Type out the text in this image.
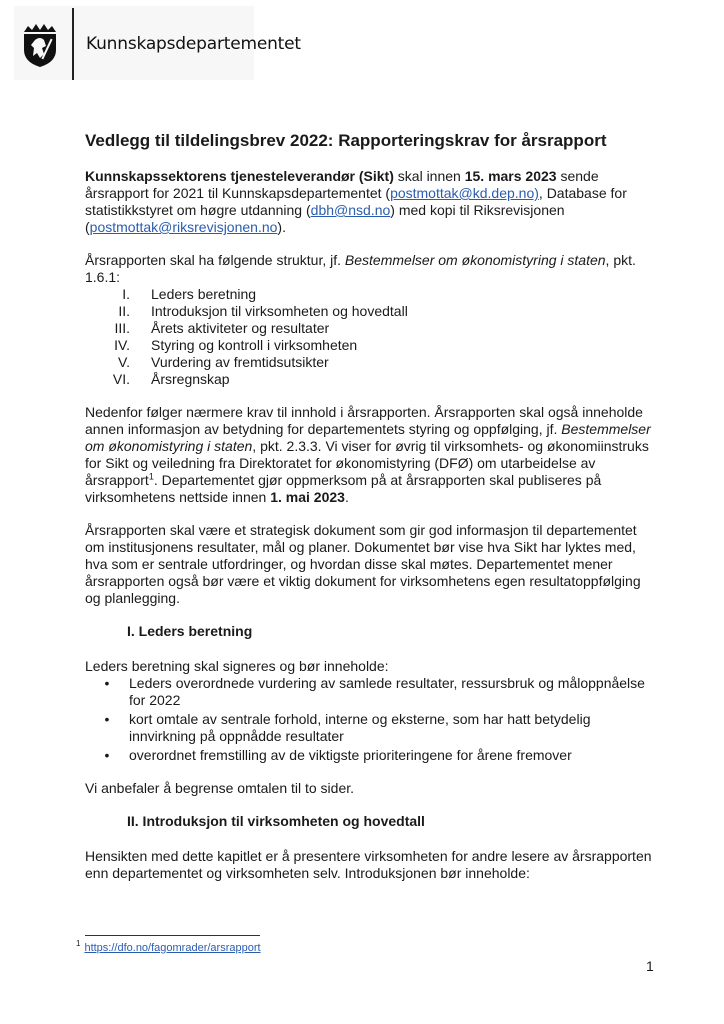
Kunnskapsdepartementet
Vedlegg til tildelingsbrev 2022: Rapporteringskrav for årsrapport

Kunnskapssektorens tjenesteleverandør (Sikt) skal innen 15. mars 2023 sende årsrapport for 2021 til Kunnskapsdepartementet (postmottak@kd.dep.no), Database for statistikkstyret om høgre utdanning (dbh@nsd.no) med kopi til Riksrevisjonen (postmottak@riksrevisjonen.no).

Årsrapporten skal ha følgende struktur, jf. Bestemmelser om økonomistyring i staten, pkt. 1.6.1:

I. Leders beretning
II. Introduksjon til virksomheten og hovedtall
III. Årets aktiviteter og resultater
IV. Styring og kontroll i virksomheten
V. Vurdering av fremtidsutsikter
VI. Årsregnskap

Nedenfor følger nærmere krav til innhold i årsrapporten. Årsrapporten skal også inneholde annen informasjon av betydning for departementets styring og oppfølging, jf. Bestemmelser om økonomistyring i staten, pkt. 2.3.3. Vi viser for øvrig til virksomhets- og økonomiinstruks for Sikt og veiledning fra Direktoratet for økonomistyring (DFØ) om utarbeidelse av årsrapport$^1$. Departementet gjør oppmerksom på at årsrapporten skal publiseres på virksomhetens nettside innen 1. mai 2023.

Årsrapporten skal være et strategisk dokument som gir god informasjon til departementet om institusjonens resultater, mål og planer. Dokumentet bør vise hva Sikt har lyktes med, hva som er sentrale utfordringer, og hvordan disse skal møtes. Departementet mener årsrapporten også bør være et viktig dokument for virksomhetens egen resultatoppfølging og planlegging.

I. Leders beretning

Leders beretning skal signeres og bør inneholde:

•	Leders overordnede vurdering av samlede resultater, ressursbruk og måloppnåelse for 2022
•	kort omtale av sentrale forhold, interne og eksterne, som har hatt betydelig innvirkning på oppnådde resultater
•	overordnet fremstilling av de viktigste prioriteringene for årene fremover

Vi anbefaler å begrense omtalen til to sider.

II. Introduksjon til virksomheten og hovedtall

Hensikten med dette kapitlet er å presentere virksomheten for andre lesere av årsrapporten enn departementet og virksomheten selv. Introduksjonen bør inneholde:

$^1$ https://dfo.no/fagomrader/arsrapport
1
